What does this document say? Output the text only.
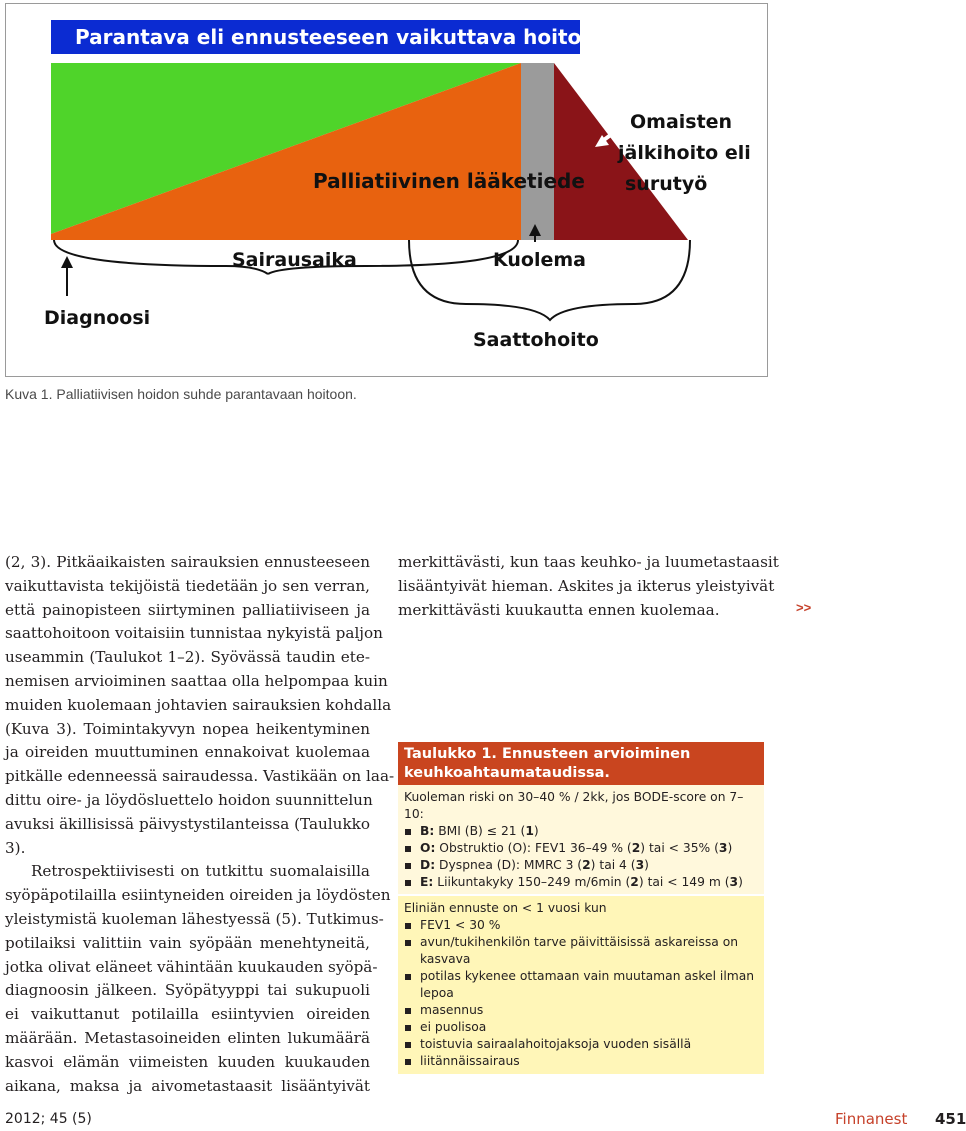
Parantava eli ennusteeseen vaikuttava hoito
Palliatiivinen lääketiede
Omaisten
jälkihoito eli
surutyö
Sairausaika
Diagnoosi
Kuolema
Saattohoito
Kuva 1. Palliatiivisen hoidon suhde parantavaan hoitoon.

(2, 3). Pitkäaikaisten sairauksien ennusteeseen
vaikuttavista tekijöistä tiedetään jo sen verran,
että painopisteen siirtyminen palliatiiviseen ja
saattohoitoon voitaisiin tunnistaa nykyistä paljon
useammin (Taulukot 1–2). Syövässä taudin ete-
nemisen arvioiminen saattaa olla helpompaa kuin
muiden kuolemaan johtavien sairauksien kohdalla
(Kuva 3). Toimintakyvyn nopea heikentyminen
ja oireiden muuttuminen ennakoivat kuolemaa
pitkälle edenneessä sairaudessa. Vastikään on laa-
dittu oire- ja löydösluettelo hoidon suunnittelun
avuksi äkillisissä päivystystilanteissa (Taulukko
3).

Retrospektiivisesti on tutkittu suomalaisilla
syöpäpotilailla esiintyneiden oireiden ja löydösten
yleistymistä kuoleman lähestyessä (5). Tutkimus-
potilaiksi valittiin vain syöpään menehtyneitä,
jotka olivat eläneet vähintään kuukauden syöpä-
diagnoosin jälkeen. Syöpätyyppi tai sukupuoli
ei vaikuttanut potilailla esiintyvien oireiden
määrään. Metastasoineiden elinten lukumäärä
kasvoi elämän viimeisten kuuden kuukauden
aikana, maksa ja aivometastaasit lisääntyivät

merkittävästi, kun taas keuhko- ja luumetastaasit
lisääntyivät hieman. Askites ja ikterus yleistyivät
merkittävästi kuukautta ennen kuolemaa.	>>
Taulukko 1. Ennusteen arvioiminen
keuhkoahtaumataudissa.
Kuoleman riski on 30–40 % / 2kk, jos BODE-score on 7–10:
B: BMI (B) ≤ 21 (1)
O: Obstruktio (O): FEV1 36–49 % (2) tai < 35% (3)
D: Dyspnea (D): MMRC 3 (2) tai 4 (3)
E: Liikuntakyky 150–249 m/6min (2) tai < 149 m (3)
Eliniän ennuste on < 1 vuosi kun
FEV1 < 30 %
avun/tukihenkilön tarve päivittäisissä askareissa on kasvava
potilas kykenee ottamaan vain muutaman askel ilman lepoa
masennus
ei puolisoa
toistuvia sairaalahoitojaksoja vuoden sisällä
liitännäissairaus
2012; 45 (5)	Finnanest 451
